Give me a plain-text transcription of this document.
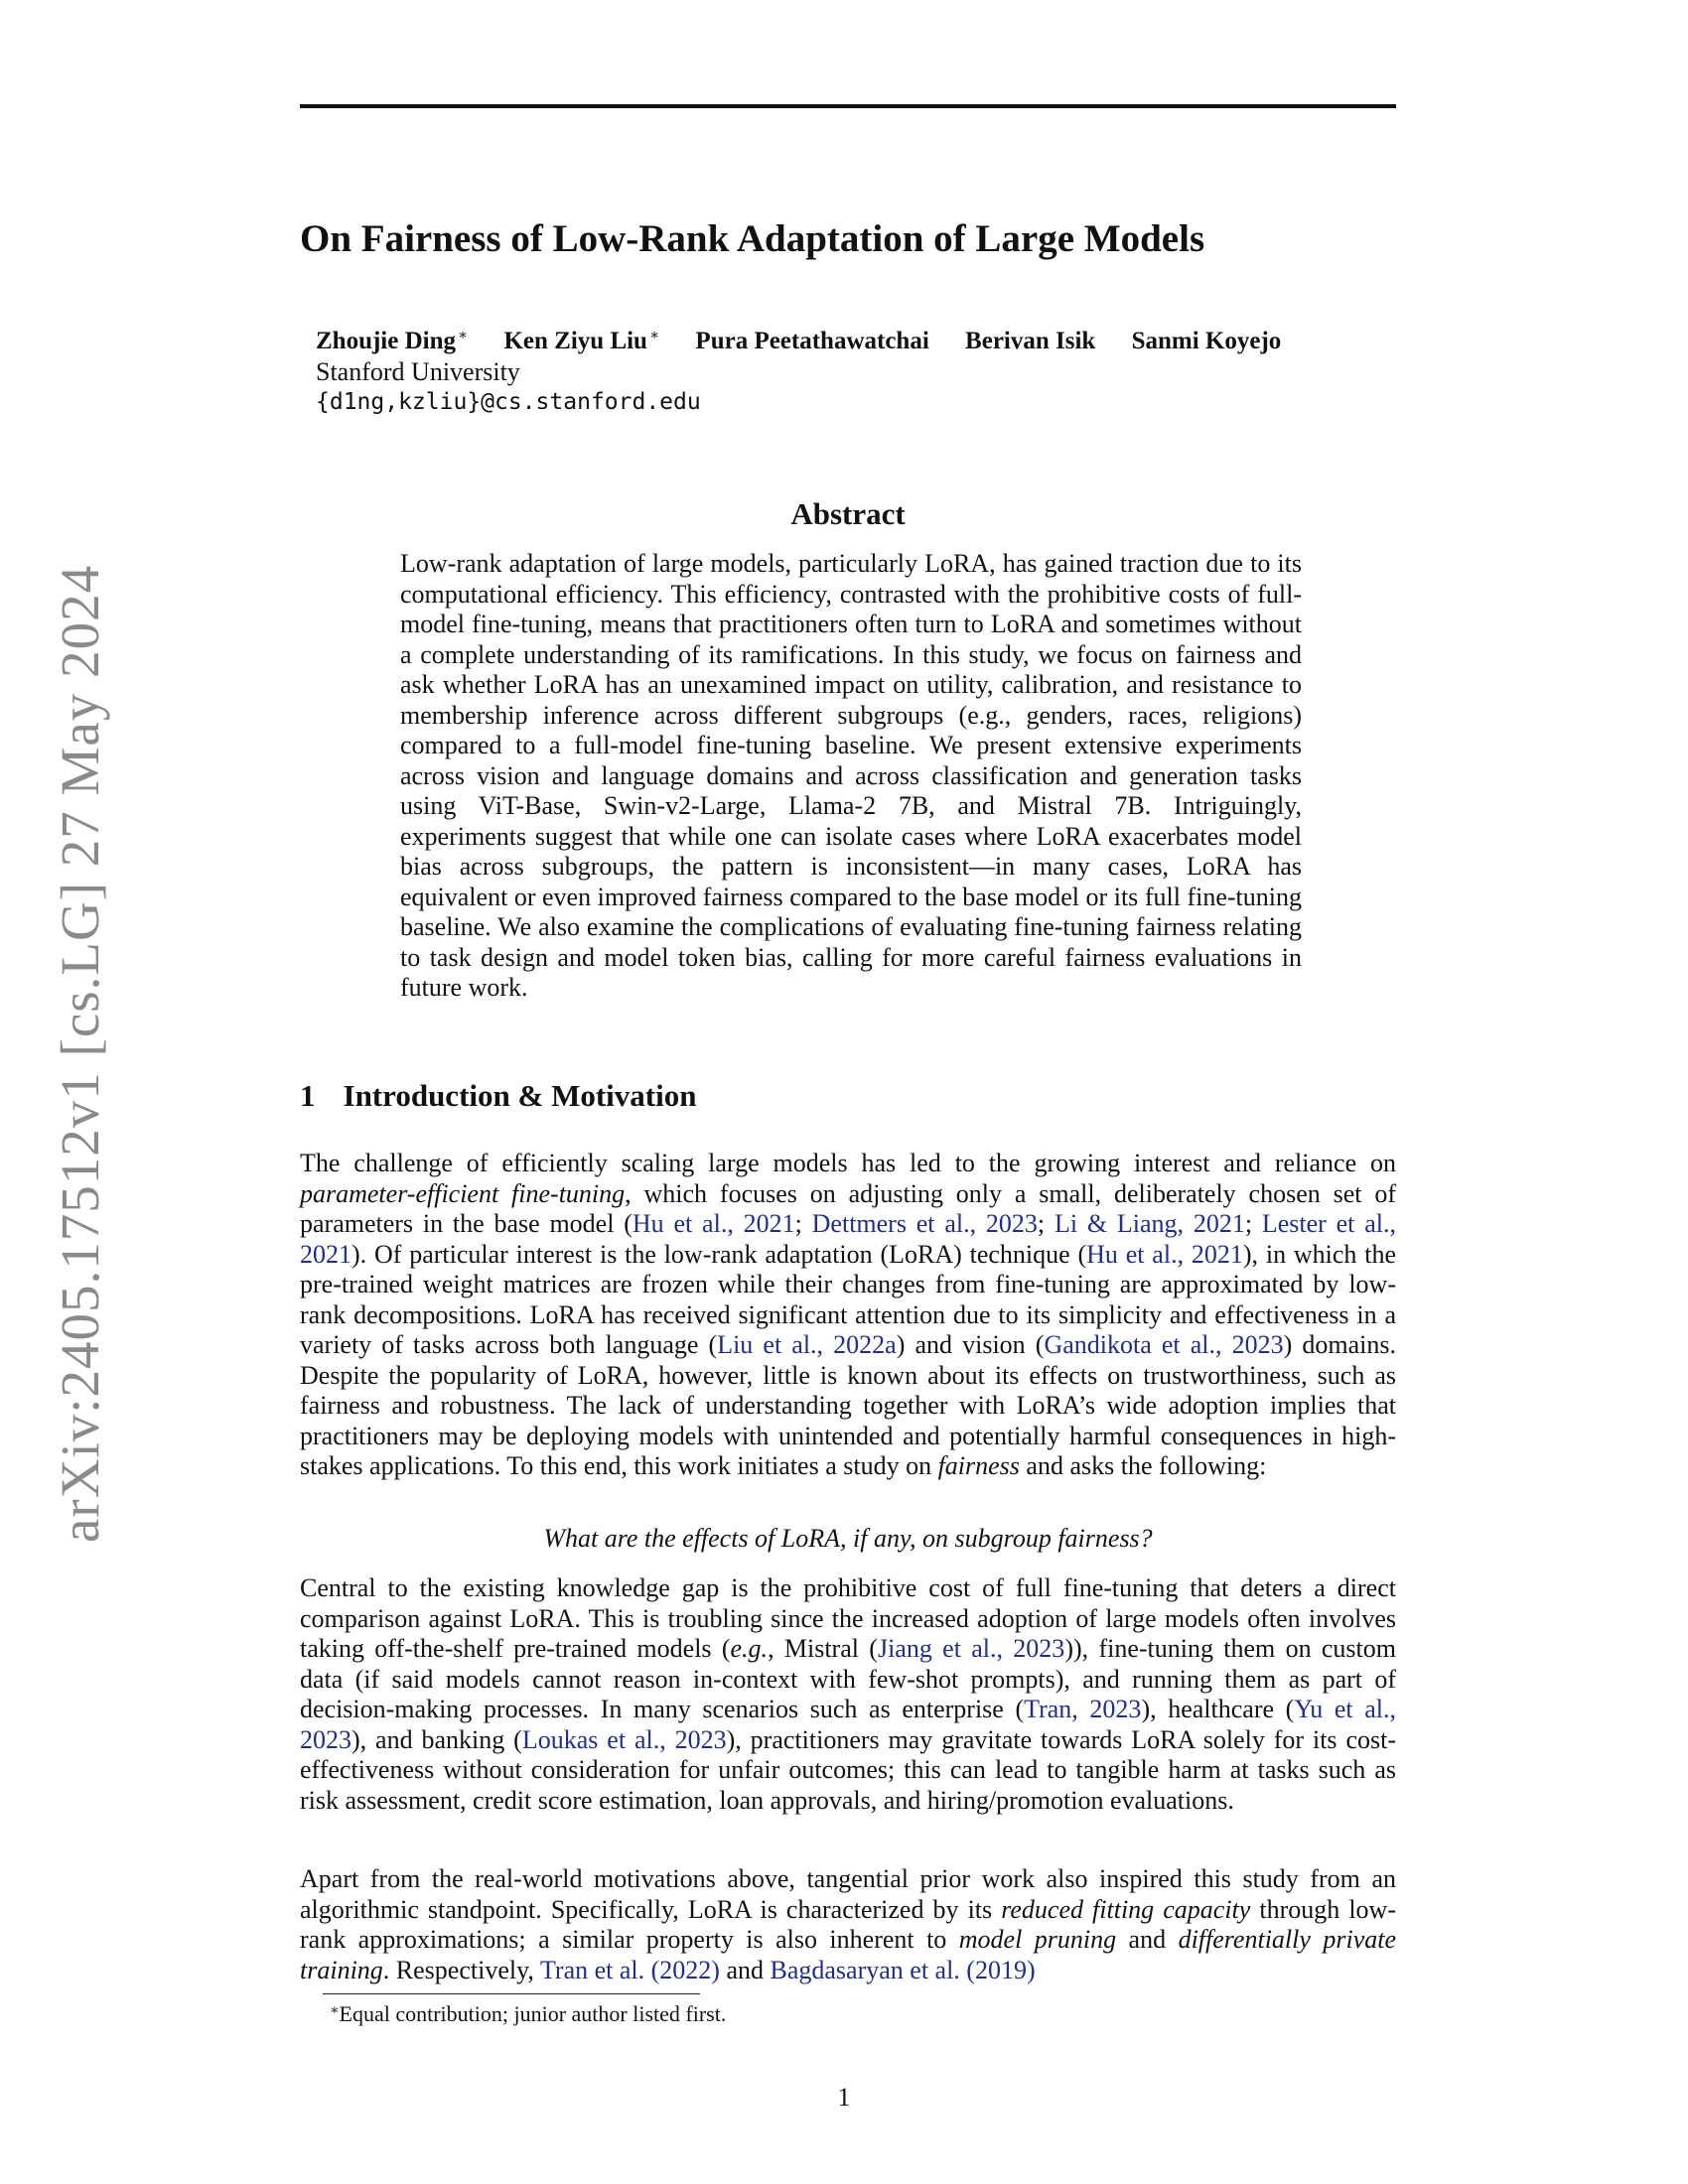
arXiv:2405.17512v1 [cs.LG] 27 May 2024
On Fairness of Low-Rank Adaptation of Large Models
Zhoujie Ding ∗ Ken Ziyu Liu ∗ Pura Peetathawatchai Berivan Isik Sanmi Koyejo
Stanford University
{d1ng,kzliu}@cs.stanford.edu
Abstract

Low-rank adaptation of large models, particularly LoRA, has gained traction due to its computational efficiency. This efficiency, contrasted with the prohibitive costs of full-model fine-tuning, means that practitioners often turn to LoRA and sometimes without a complete understanding of its ramifications. In this study, we focus on fairness and ask whether LoRA has an unexamined impact on utility, calibration, and resistance to membership inference across different subgroups (e.g., genders, races, religions) compared to a full-model fine-tuning baseline. We present extensive experiments across vision and language domains and across classification and generation tasks using ViT-Base, Swin-v2-Large, Llama-2 7B, and Mistral 7B. Intriguingly, experiments suggest that while one can isolate cases where LoRA exacerbates model bias across subgroups, the pattern is inconsistent—in many cases, LoRA has equivalent or even improved fairness compared to the base model or its full fine-tuning baseline. We also examine the complications of evaluating fine-tuning fairness relating to task design and model token bias, calling for more careful fairness evaluations in future work.

1 Introduction & Motivation

The challenge of efficiently scaling large models has led to the growing interest and reliance on parameter-efficient fine-tuning, which focuses on adjusting only a small, deliberately chosen set of parameters in the base model (Hu et al., 2021; Dettmers et al., 2023; Li & Liang, 2021; Lester et al., 2021). Of particular interest is the low-rank adaptation (LoRA) technique (Hu et al., 2021), in which the pre-trained weight matrices are frozen while their changes from fine-tuning are approximated by low-rank decompositions. LoRA has received significant attention due to its simplicity and effectiveness in a variety of tasks across both language (Liu et al., 2022a) and vision (Gandikota et al., 2023) domains. Despite the popularity of LoRA, however, little is known about its effects on trustworthiness, such as fairness and robustness. The lack of understanding together with LoRA’s wide adoption implies that practitioners may be deploying models with unintended and potentially harmful consequences in high-stakes applications. To this end, this work initiates a study on fairness and asks the following:

What are the effects of LoRA, if any, on subgroup fairness?

Central to the existing knowledge gap is the prohibitive cost of full fine-tuning that deters a direct comparison against LoRA. This is troubling since the increased adoption of large models often involves taking off-the-shelf pre-trained models (e.g., Mistral (Jiang et al., 2023)), fine-tuning them on custom data (if said models cannot reason in-context with few-shot prompts), and running them as part of decision-making processes. In many scenarios such as enterprise (Tran, 2023), healthcare (Yu et al., 2023), and banking (Loukas et al., 2023), practitioners may gravitate towards LoRA solely for its cost-effectiveness without consideration for unfair outcomes; this can lead to tangible harm at tasks such as risk assessment, credit score estimation, loan approvals, and hiring/promotion evaluations.

Apart from the real-world motivations above, tangential prior work also inspired this study from an algorithmic standpoint. Specifically, LoRA is characterized by its reduced fitting capacity through low-rank approximations; a similar property is also inherent to model pruning and differentially private training. Respectively, Tran et al. (2022) and Bagdasaryan et al. (2019)

∗Equal contribution; junior author listed first.
1
